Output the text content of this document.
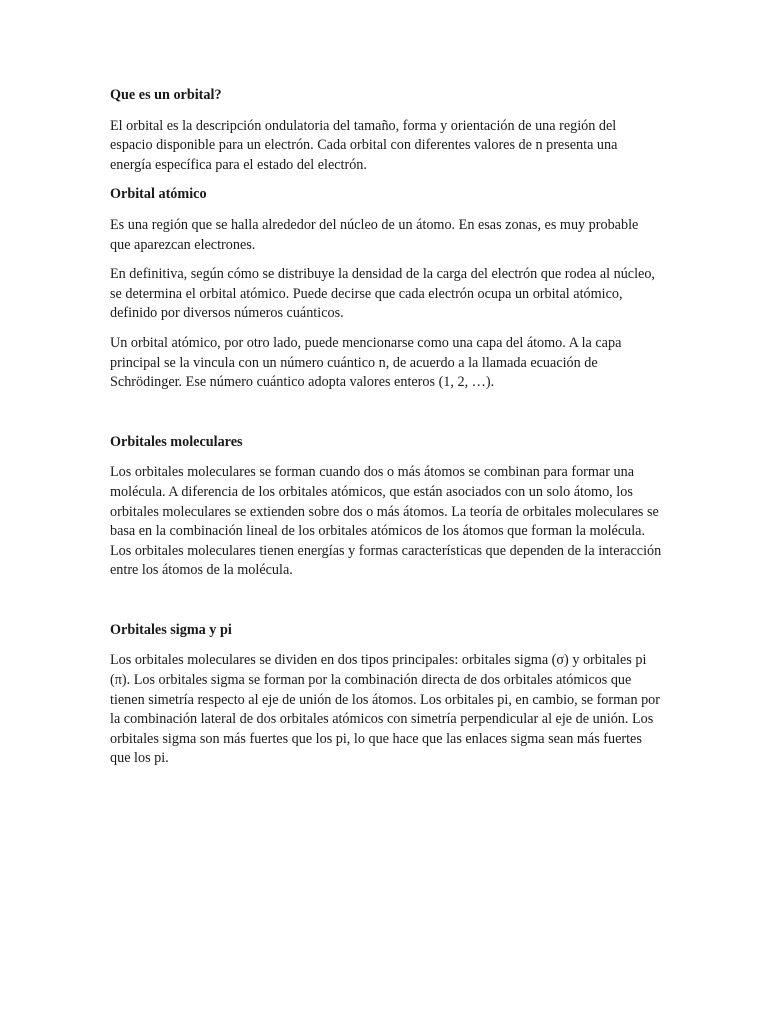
Que es un orbital?

El orbital es la descripción ondulatoria del tamaño, forma y orientación de una región del espacio disponible para un electrón. Cada orbital con diferentes valores de n presenta una energía específica para el estado del electrón.

Orbital atómico

Es una región que se halla alrededor del núcleo de un átomo. En esas zonas, es muy probable que aparezcan electrones.

En definitiva, según cómo se distribuye la densidad de la carga del electrón que rodea al núcleo, se determina el orbital atómico. Puede decirse que cada electrón ocupa un orbital atómico, definido por diversos números cuánticos.

Un orbital atómico, por otro lado, puede mencionarse como una capa del átomo. A la capa principal se la vincula con un número cuántico n, de acuerdo a la llamada ecuación de Schrödinger. Ese número cuántico adopta valores enteros (1, 2, …).

Orbitales moleculares

Los orbitales moleculares se forman cuando dos o más átomos se combinan para formar una molécula. A diferencia de los orbitales atómicos, que están asociados con un solo átomo, los orbitales moleculares se extienden sobre dos o más átomos. La teoría de orbitales moleculares se basa en la combinación lineal de los orbitales atómicos de los átomos que forman la molécula. Los orbitales moleculares tienen energías y formas características que dependen de la interacción entre los átomos de la molécula.

Orbitales sigma y pi

Los orbitales moleculares se dividen en dos tipos principales: orbitales sigma (σ) y orbitales pi (π). Los orbitales sigma se forman por la combinación directa de dos orbitales atómicos que tienen simetría respecto al eje de unión de los átomos. Los orbitales pi, en cambio, se forman por la combinación lateral de dos orbitales atómicos con simetría perpendicular al eje de unión. Los orbitales sigma son más fuertes que los pi, lo que hace que las enlaces sigma sean más fuertes que los pi.
